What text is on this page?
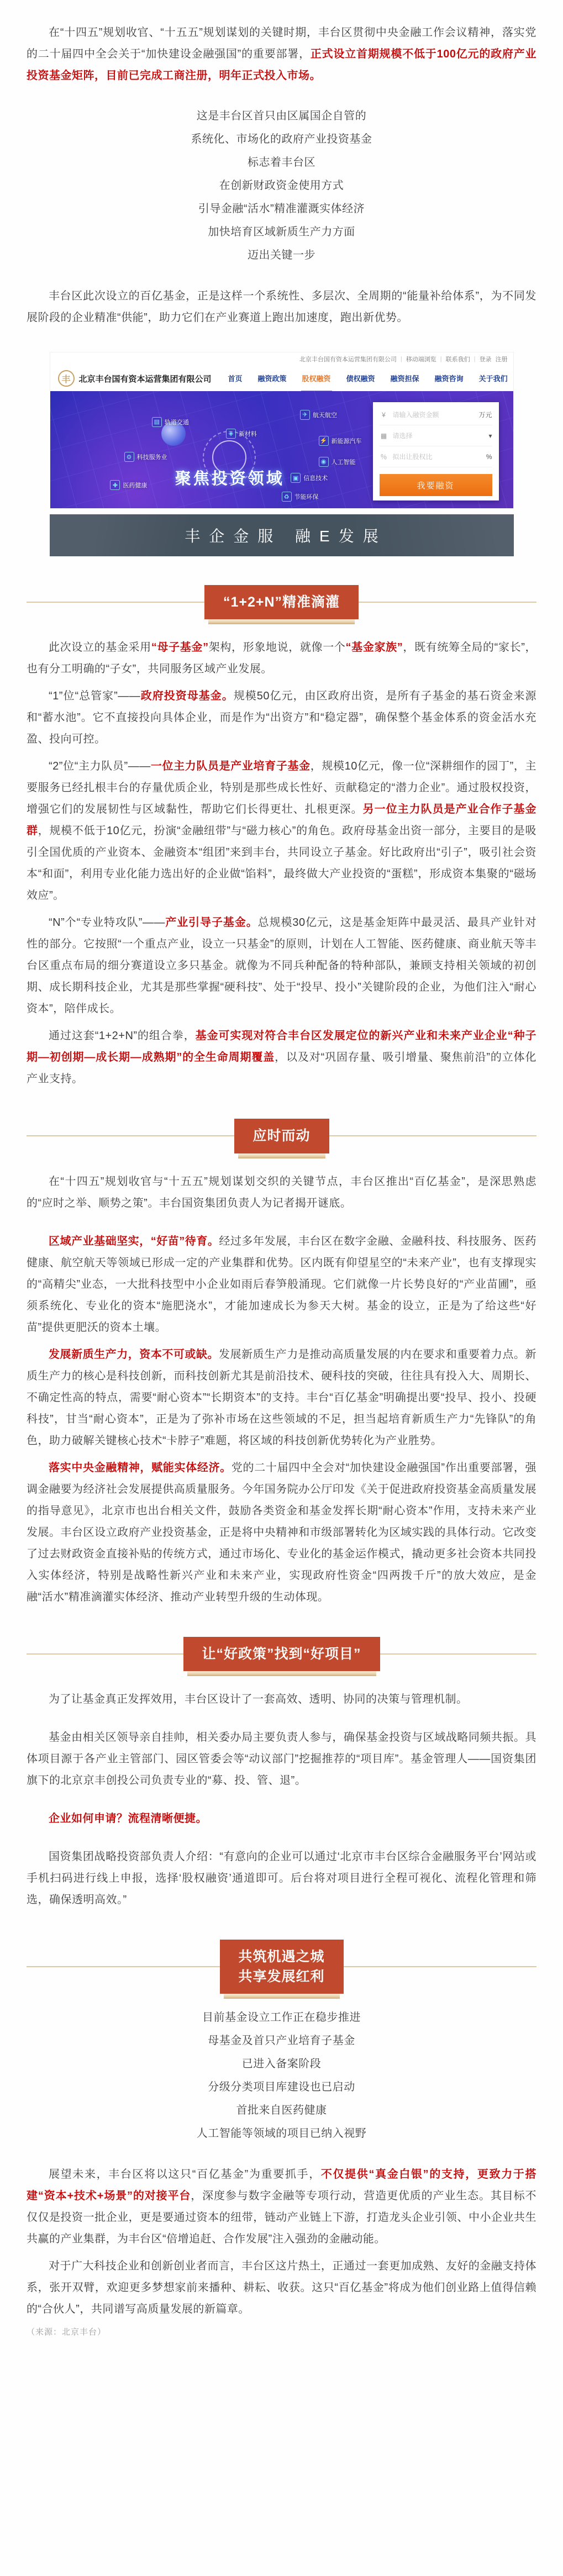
在“十四五”规划收官、“十五五”规划谋划的关键时期，丰台区贯彻中央金融工作会议精神，落实党的二十届四中全会关于“加快建设金融强国”的重要部署，正式设立首期规模不低于100亿元的政府产业投资基金矩阵，目前已完成工商注册，明年正式投入市场。

这是丰台区首只由区属国企自管的
系统化、市场化的政府产业投资基金
标志着丰台区
在创新财政资金使用方式
引导金融“活水”精准灌溉实体经济
加快培育区域新质生产力方面
迈出关键一步

丰台区此次设立的百亿基金，正是这样一个系统性、多层次、全周期的“能量补给体系”，为不同发展阶段的企业精准“供能”，助力它们在产业赛道上跑出加速度，跑出新优势。

北京丰台国有资本运营集团有限公司 | 移动端浏览 | 联系我们 | 登录 注册
丰	北京丰台国有资本运营集团有限公司 首页 融资政策 股权融资 债权融资 融资担保 融资咨询 关于我们
聚焦投资领域
▤ 轨道交通
◈ 新材料
✈ 航天航空
⚡ 新能源汽车
◉ 人工智能
▣ 信息技术
⚙ 科技服务业
✚ 医药健康
♻ 节能环保
¥	请输入融资金额	万元
▦ 请选择	▾
％ 拟出让股权比	%
我要融资
丰企金服 融E发展
“1+2+N”精准滴灌

此次设立的基金采用“母子基金”架构，形象地说，就像一个“基金家族”，既有统筹全局的“家长”，也有分工明确的“子女”，共同服务区域产业发展。

“1”位“总管家”——政府投资母基金。规模50亿元，由区政府出资，是所有子基金的基石资金来源和“蓄水池”。它不直接投向具体企业，而是作为“出资方”和“稳定器”，确保整个基金体系的资金活水充盈、投向可控。

“2”位“主力队员”——一位主力队员是产业培育子基金，规模10亿元，像一位“深耕细作的园丁”，主要服务已经扎根丰台的存量优质企业，特别是那些成长性好、贡献稳定的“潜力企业”。通过股权投资，增强它们的发展韧性与区域黏性，帮助它们长得更壮、扎根更深。另一位主力队员是产业合作子基金群，规模不低于10亿元，扮演“金融纽带”与“磁力核心”的角色。政府母基金出资一部分，主要目的是吸引全国优质的产业资本、金融资本“组团”来到丰台，共同设立子基金。好比政府出“引子”，吸引社会资本“和面”，利用专业化能力选出好的企业做“馅料”，最终做大产业投资的“蛋糕”，形成资本集聚的“磁场效应”。

“N”个“专业特攻队”——产业引导子基金。总规模30亿元，这是基金矩阵中最灵活、最具产业针对性的部分。它按照“一个重点产业，设立一只基金”的原则，计划在人工智能、医药健康、商业航天等丰台区重点布局的细分赛道设立多只基金。就像为不同兵种配备的特种部队，兼顾支持相关领域的初创期、成长期科技企业，尤其是那些掌握“硬科技”、处于“投早、投小”关键阶段的企业，为他们注入“耐心资本”，陪伴成长。

通过这套“1+2+N”的组合拳，基金可实现对符合丰台区发展定位的新兴产业和未来产业企业“种子期—初创期—成长期—成熟期”的全生命周期覆盖，以及对“巩固存量、吸引增量、聚焦前沿”的立体化产业支持。

应时而动

在“十四五”规划收官与“十五五”规划谋划交织的关键节点，丰台区推出“百亿基金”，是深思熟虑的“应时之举、顺势之策”。丰台国资集团负责人为记者揭开谜底。

区域产业基础坚实，“好苗”待育。经过多年发展，丰台区在数字金融、金融科技、科技服务、医药健康、航空航天等领域已形成一定的产业集群和优势。区内既有仰望星空的“未来产业”，也有支撑现实的“高精尖”业态，一大批科技型中小企业如雨后春笋般涌现。它们就像一片长势良好的“产业苗圃”，亟须系统化、专业化的资本“施肥浇水”，才能加速成长为参天大树。基金的设立，正是为了给这些“好苗”提供更肥沃的资本土壤。

发展新质生产力，资本不可或缺。发展新质生产力是推动高质量发展的内在要求和重要着力点。新质生产力的核心是科技创新，而科技创新尤其是前沿技术、硬科技的突破，往往具有投入大、周期长、不确定性高的特点，需要“耐心资本”“长期资本”的支持。丰台“百亿基金”明确提出要“投早、投小、投硬科技”，甘当“耐心资本”，正是为了弥补市场在这些领域的不足，担当起培育新质生产力“先锋队”的角色，助力破解关键核心技术“卡脖子”难题，将区域的科技创新优势转化为产业胜势。

落实中央金融精神，赋能实体经济。党的二十届四中全会对“加快建设金融强国”作出重要部署，强调金融要为经济社会发展提供高质量服务。今年国务院办公厅印发《关于促进政府投资基金高质量发展的指导意见》，北京市也出台相关文件，鼓励各类资金和基金发挥长期“耐心资本”作用，支持未来产业发展。丰台区设立政府产业投资基金，正是将中央精神和市级部署转化为区域实践的具体行动。它改变了过去财政资金直接补贴的传统方式，通过市场化、专业化的基金运作模式，撬动更多社会资本共同投入实体经济，特别是战略性新兴产业和未来产业，实现政府性资金“四两拨千斤”的放大效应，是金融“活水”精准滴灌实体经济、推动产业转型升级的生动体现。

让“好政策”找到“好项目”

为了让基金真正发挥效用，丰台区设计了一套高效、透明、协同的决策与管理机制。

基金由相关区领导亲自挂帅，相关委办局主要负责人参与，确保基金投资与区域战略同频共振。具体项目源于各产业主管部门、园区管委会等“动议部门”挖掘推荐的“项目库”。基金管理人——国资集团旗下的北京京丰创投公司负责专业的“募、投、管、退”。

企业如何申请？流程清晰便捷。

国资集团战略投资部负责人介绍：“有意向的企业可以通过‘北京市丰台区综合金融服务平台’网站或手机扫码进行线上申报，选择‘股权融资’通道即可。后台将对项目进行全程可视化、流程化管理和筛选，确保透明高效。”

共筑机遇之城
共享发展红利
目前基金设立工作正在稳步推进
母基金及首只产业培育子基金
已进入备案阶段
分级分类项目库建设也已启动
首批来自医药健康
人工智能等领域的项目已纳入视野

展望未来，丰台区将以这只“百亿基金”为重要抓手，不仅提供“真金白银”的支持，更致力于搭建“资本+技术+场景”的对接平台，深度参与数字金融等专项行动，营造更优质的产业生态。其目标不仅仅是投资一批企业，更是要通过资本的纽带，链动产业链上下游，打造龙头企业引领、中小企业共生共赢的产业集群，为丰台区“倍增追赶、合作发展”注入强劲的金融动能。

对于广大科技企业和创新创业者而言，丰台区这片热土，正通过一套更加成熟、友好的金融支持体系，张开双臂，欢迎更多梦想家前来播种、耕耘、收获。这只“百亿基金”将成为他们创业路上值得信赖的“合伙人”，共同谱写高质量发展的新篇章。

（来源：北京丰台）
